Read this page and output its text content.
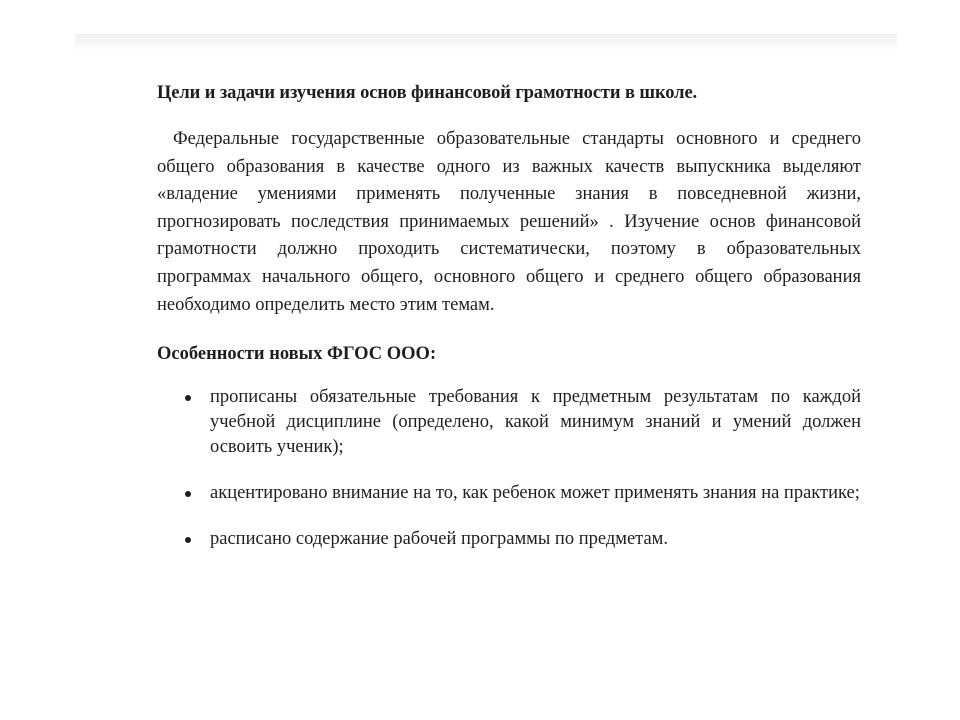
Цели и задачи изучения основ финансовой грамотности в школе.

Федеральные государственные образовательные стандарты основного и среднего общего образования в качестве одного из важных качеств выпускника выделяют «владение умениями применять полученные знания в повседневной жизни, прогнозировать последствия принимаемых решений» . Изучение основ финансовой грамотности должно проходить систематически, поэтому в образовательных программах начального общего, основного общего и среднего общего образования необходимо определить место этим темам.

Особенности новых ФГОС ООО:
прописаны обязательные требования к предметным результатам по каждой учебной дисциплине (определено, какой минимум знаний и умений должен освоить ученик);
акцентировано внимание на то, как ребенок может применять знания на практике;
расписано содержание рабочей программы по предметам.
